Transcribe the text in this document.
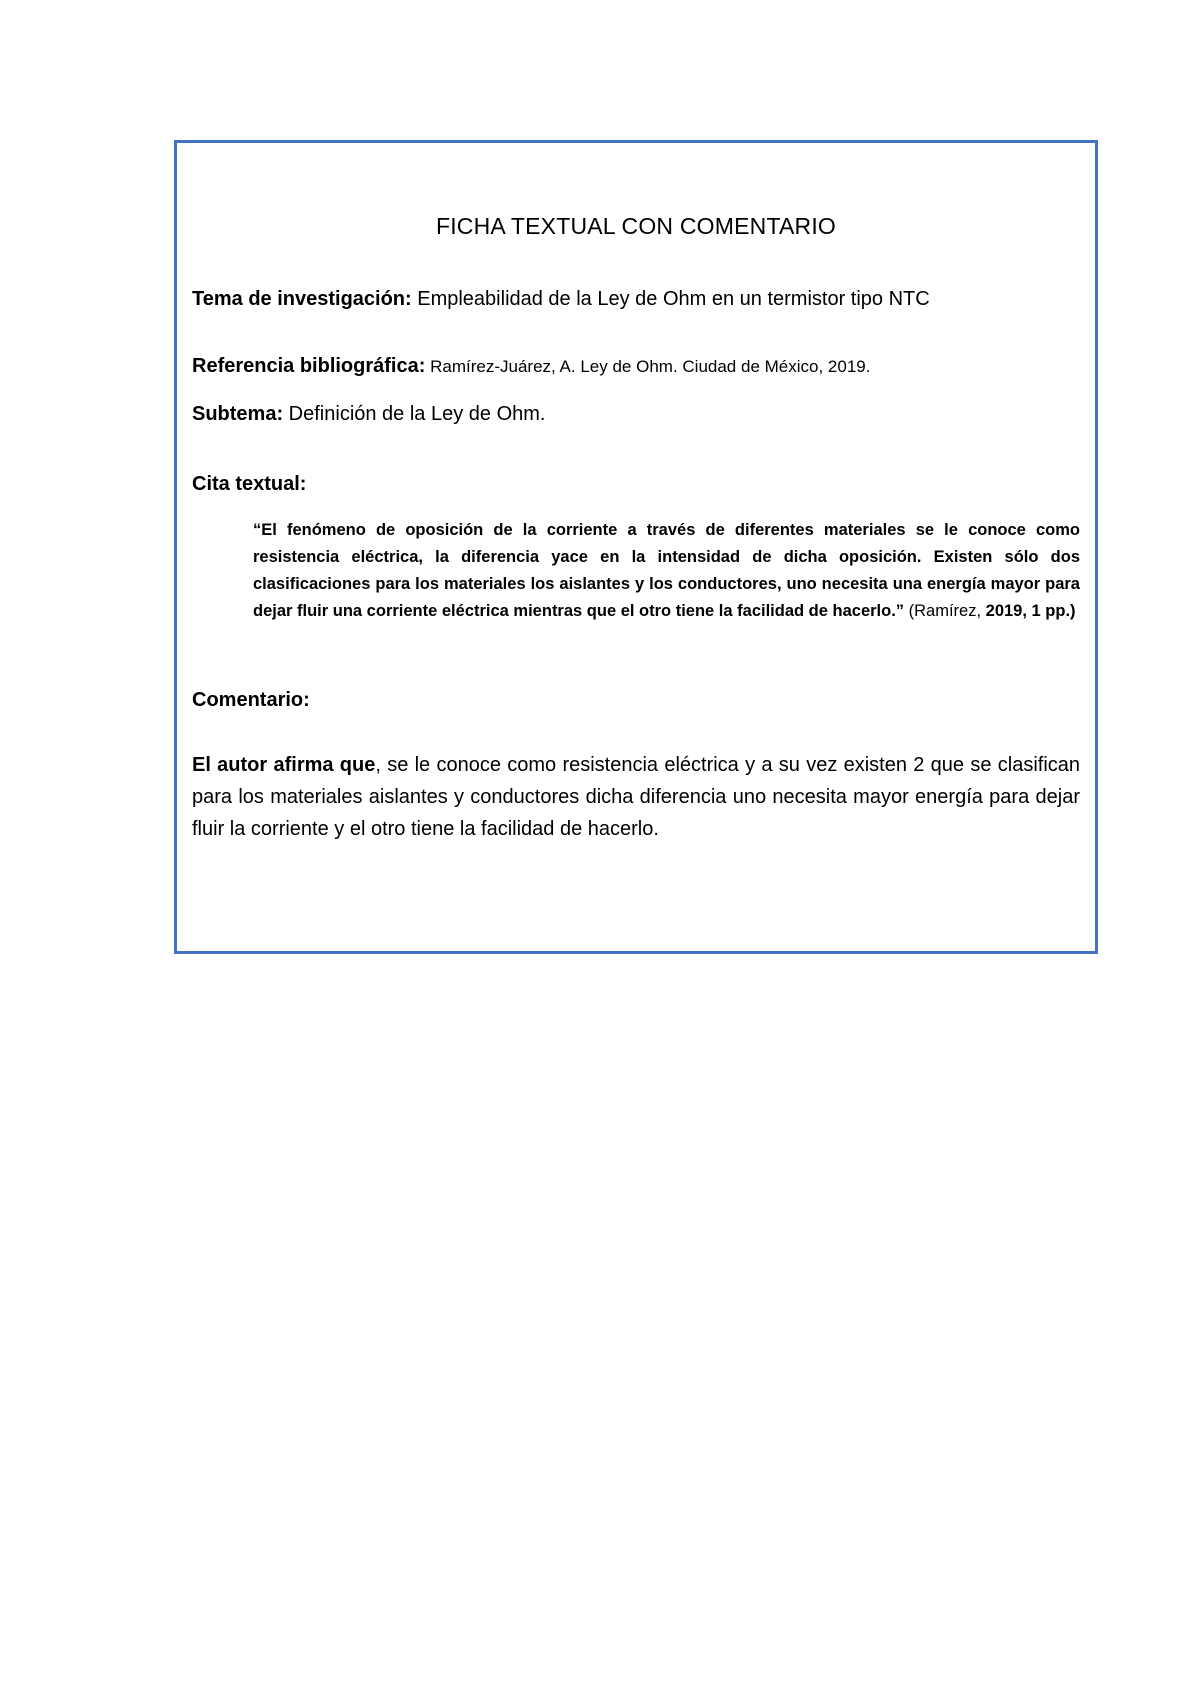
FICHA TEXTUAL CON COMENTARIO
Tema de investigación: Empleabilidad de la Ley de Ohm en un termistor tipo NTC
Referencia bibliográfica: Ramírez-Juárez, A. Ley de Ohm. Ciudad de México, 2019.
Subtema: Definición de la Ley de Ohm.
Cita textual:
“El fenómeno de oposición de la corriente a través de diferentes materiales se le conoce como resistencia eléctrica, la diferencia yace en la intensidad de dicha oposición. Existen sólo dos clasificaciones para los materiales los aislantes y los conductores, uno necesita una energía mayor para dejar fluir una corriente eléctrica mientras que el otro tiene la facilidad de hacerlo.” (Ramírez, 2019, 1 pp.)
Comentario:
El autor afirma que, se le conoce como resistencia eléctrica y a su vez existen 2 que se clasifican para los materiales aislantes y conductores dicha diferencia uno necesita mayor energía para dejar fluir la corriente y el otro tiene la facilidad de hacerlo.
